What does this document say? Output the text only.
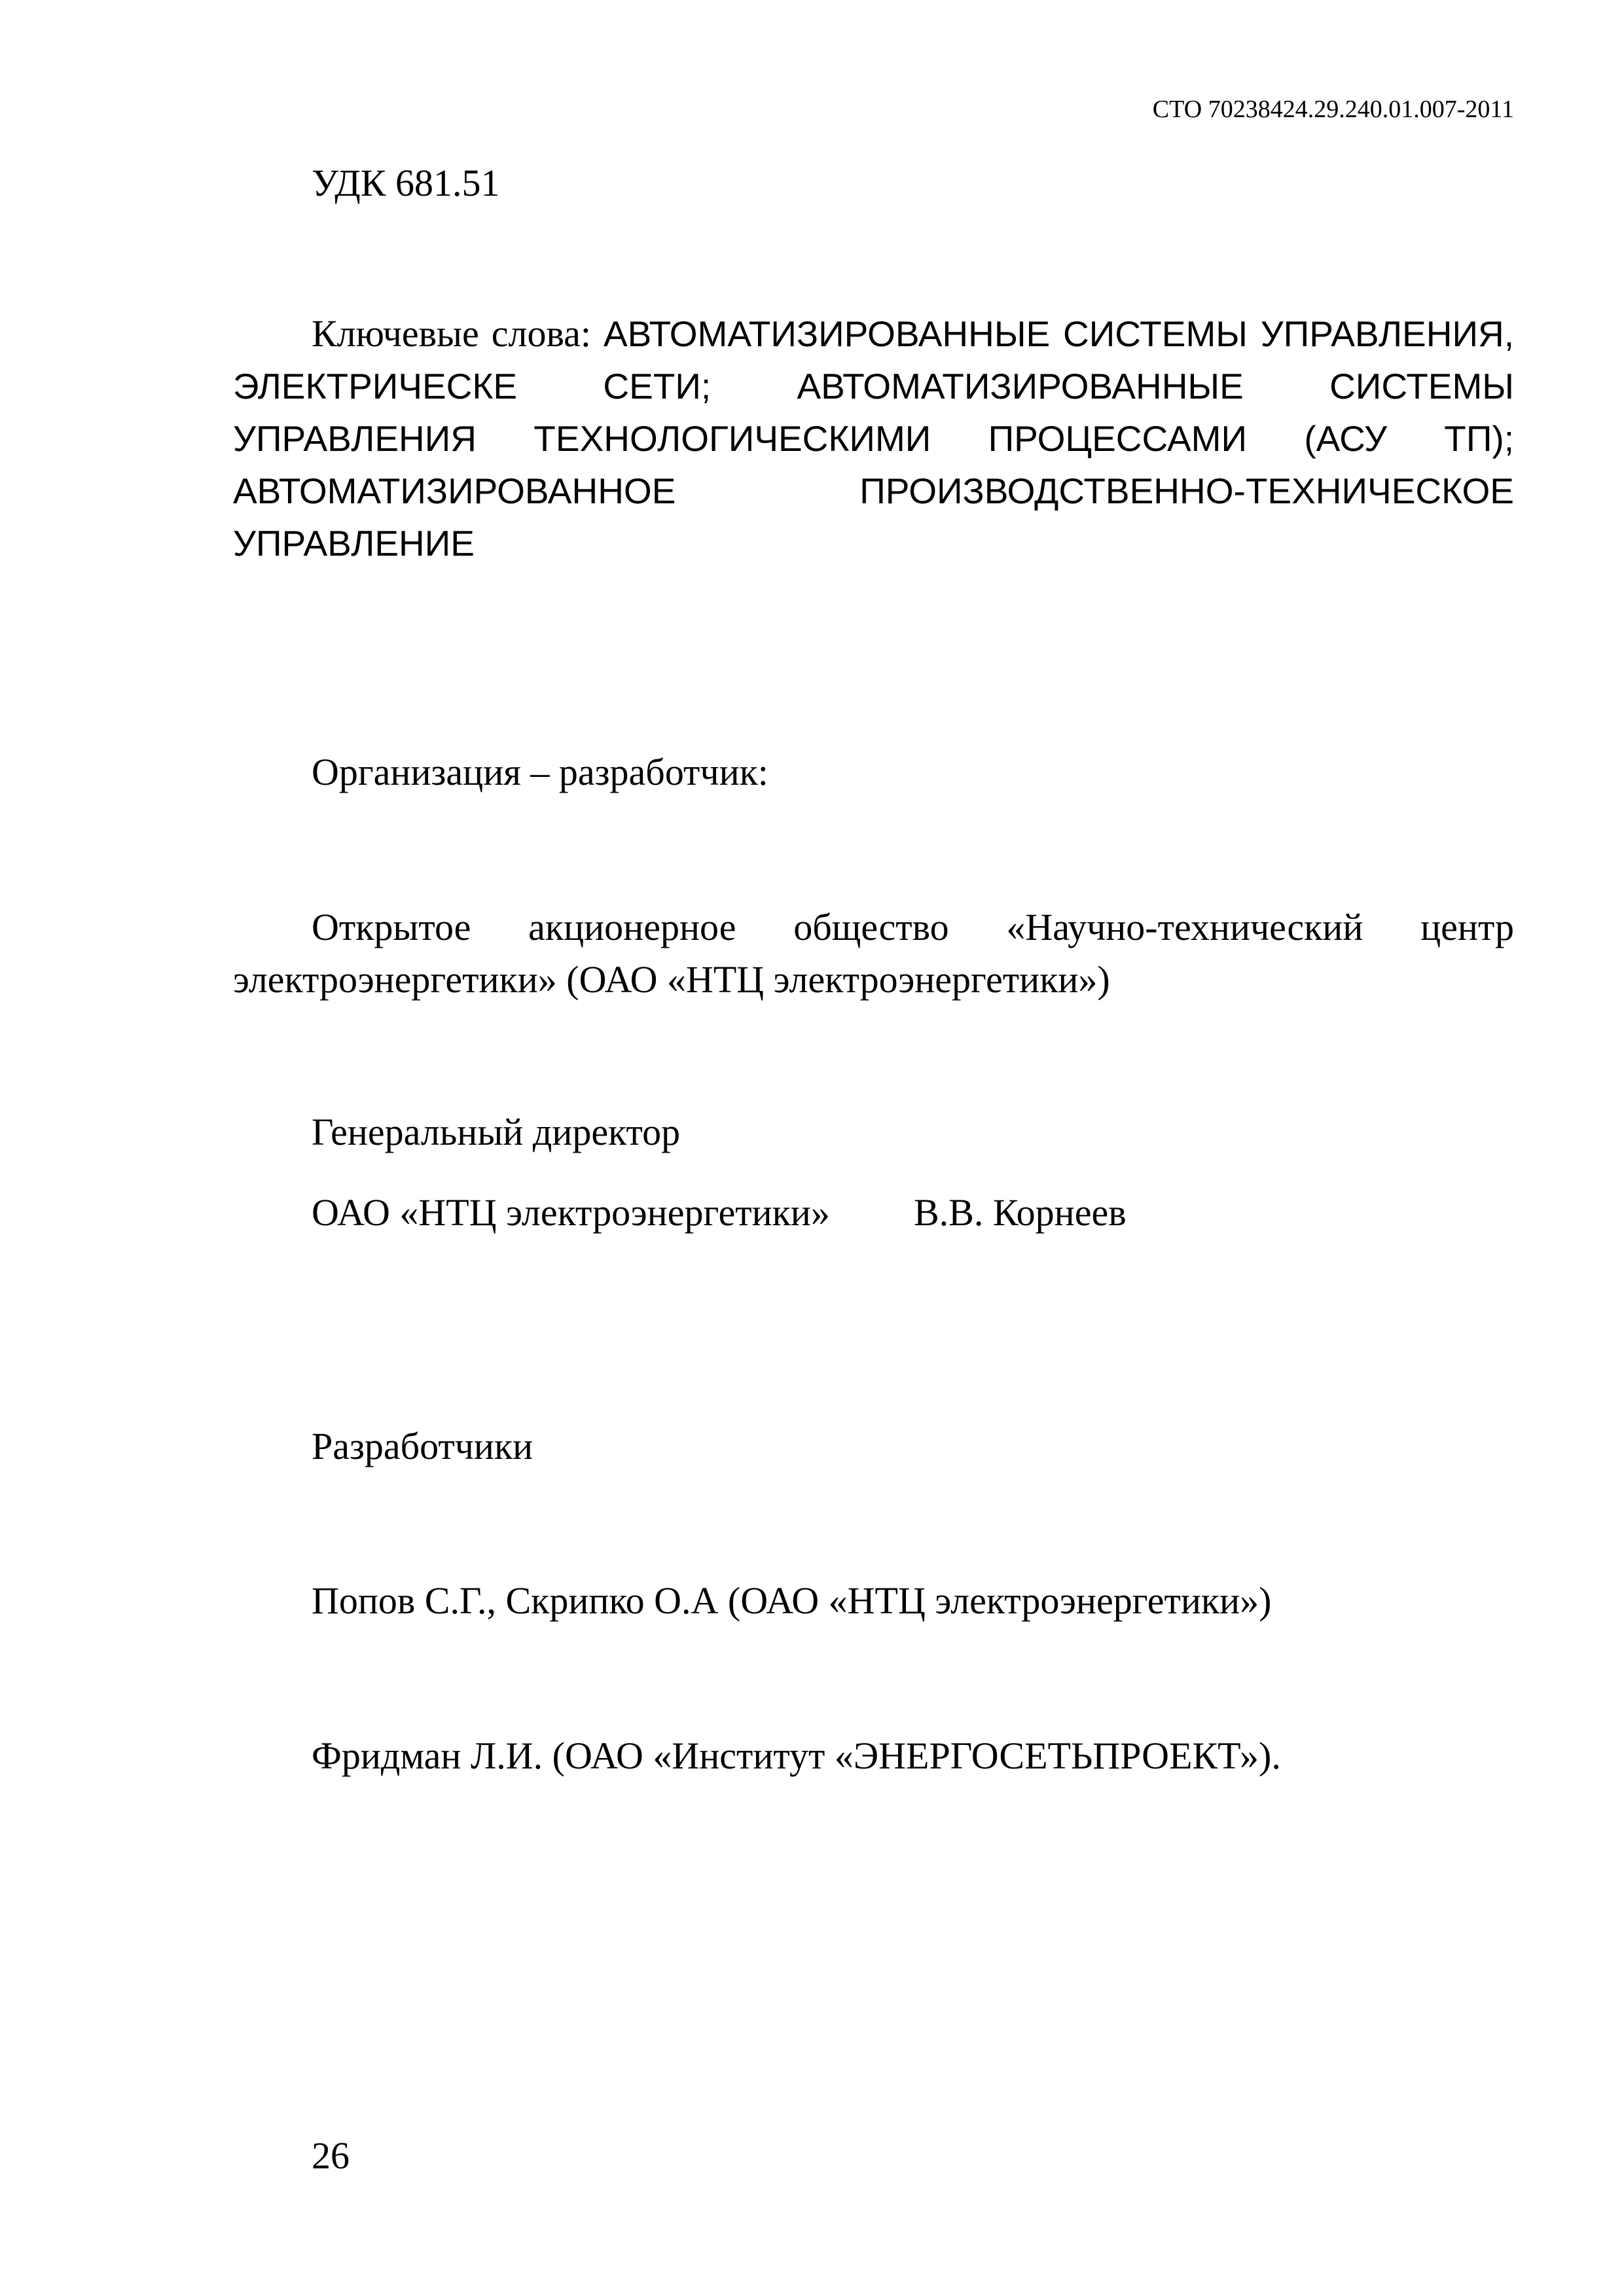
СТО 70238424.29.240.01.007-2011
УДК 681.51
Ключевые слова: АВТОМАТИЗИРОВАННЫЕ СИСТЕМЫ УПРАВЛЕНИЯ, ЭЛЕКТРИЧЕСКЕ СЕТИ; АВТОМАТИЗИРОВАННЫЕ СИСТЕМЫ УПРАВЛЕНИЯ ТЕХНОЛОГИЧЕСКИМИ ПРОЦЕССАМИ (АСУ ТП); АВТОМАТИЗИРОВАННОЕ ПРОИЗВОДСТВЕННО-ТЕХНИЧЕСКОЕ УПРАВЛЕНИЕ
Организация – разработчик:
Открытое акционерное общество «Научно-технический центр электроэнергетики» (ОАО «НТЦ электроэнергетики»)
Генеральный директор
ОАО «НТЦ электроэнергетики»	В.В. Корнеев
Разработчики
Попов С.Г., Скрипко О.А (ОАО «НТЦ электроэнергетики»)
Фридман Л.И. (ОАО «Институт «ЭНЕРГОСЕТЬПРОЕКТ»).
26
